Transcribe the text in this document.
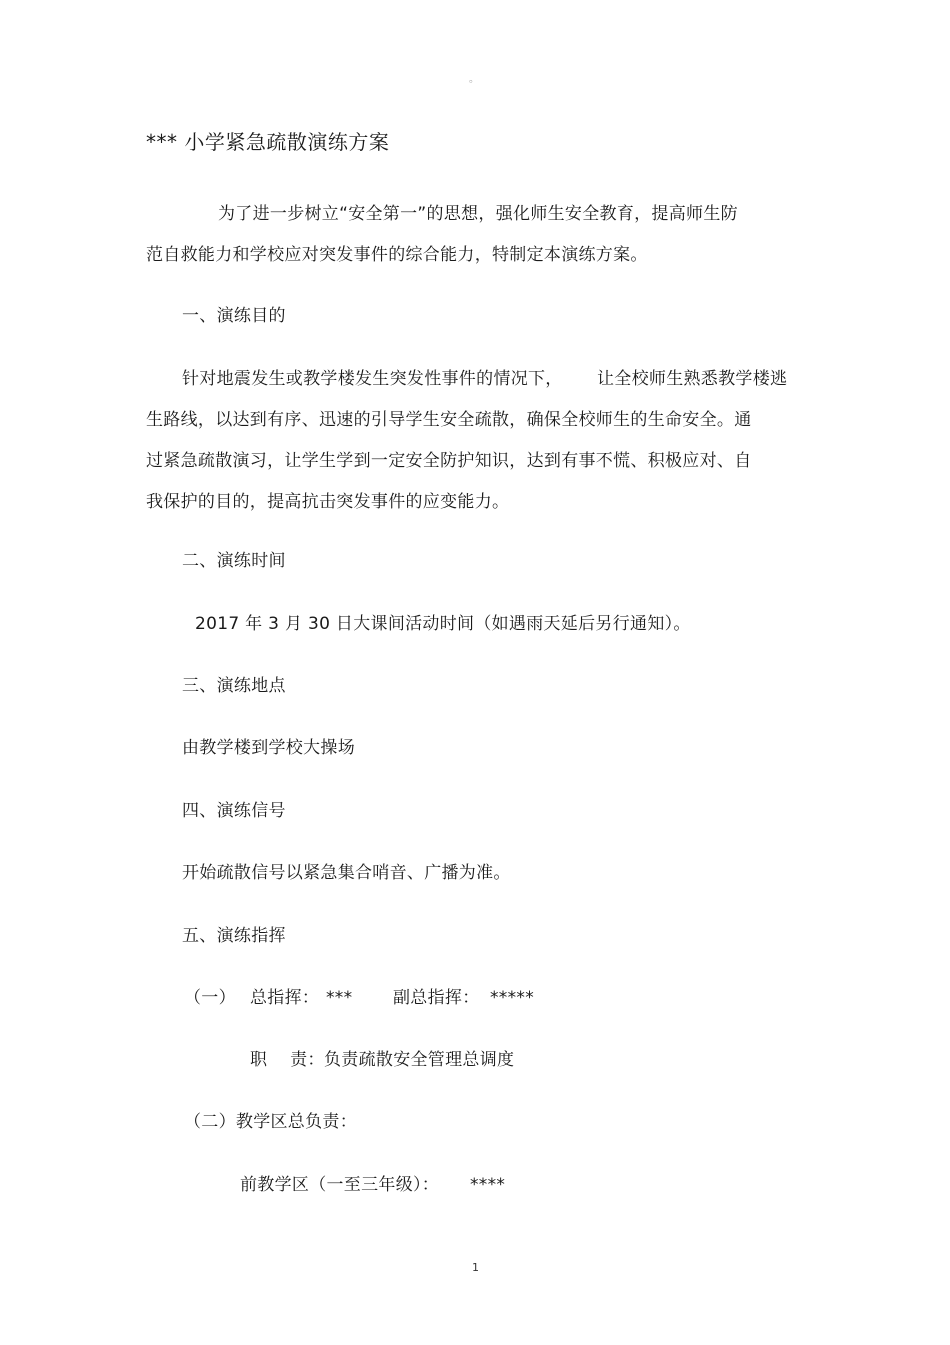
。
*** 小学紧急疏散演练方案
为了进一步树立“安全第一”的思想，强化师生安全教育，提高师生防
范自救能力和学校应对突发事件的综合能力，特制定本演练方案。
一、演练目的
针对地震发生或教学楼发生突发性事件的情况下， 让全校师生熟悉教学楼逃
生路线，以达到有序、迅速的引导学生安全疏散，确保全校师生的生命安全。通
过紧急疏散演习，让学生学到一定安全防护知识，达到有事不慌、积极应对、自
我保护的目的，提高抗击突发事件的应变能力。
二、演练时间
2017 年 3 月 30 日大课间活动时间（如遇雨天延后另行通知）。
三、演练地点
由教学楼到学校大操场
四、演练信号
开始疏散信号以紧急集合哨音、广播为准。
五、演练指挥
（一） 总指挥： *** 副总指挥： *****
职    责： 负责疏散安全管理总调度
（二）教学区总负责：
前教学区（一至三年级）： ****
1
